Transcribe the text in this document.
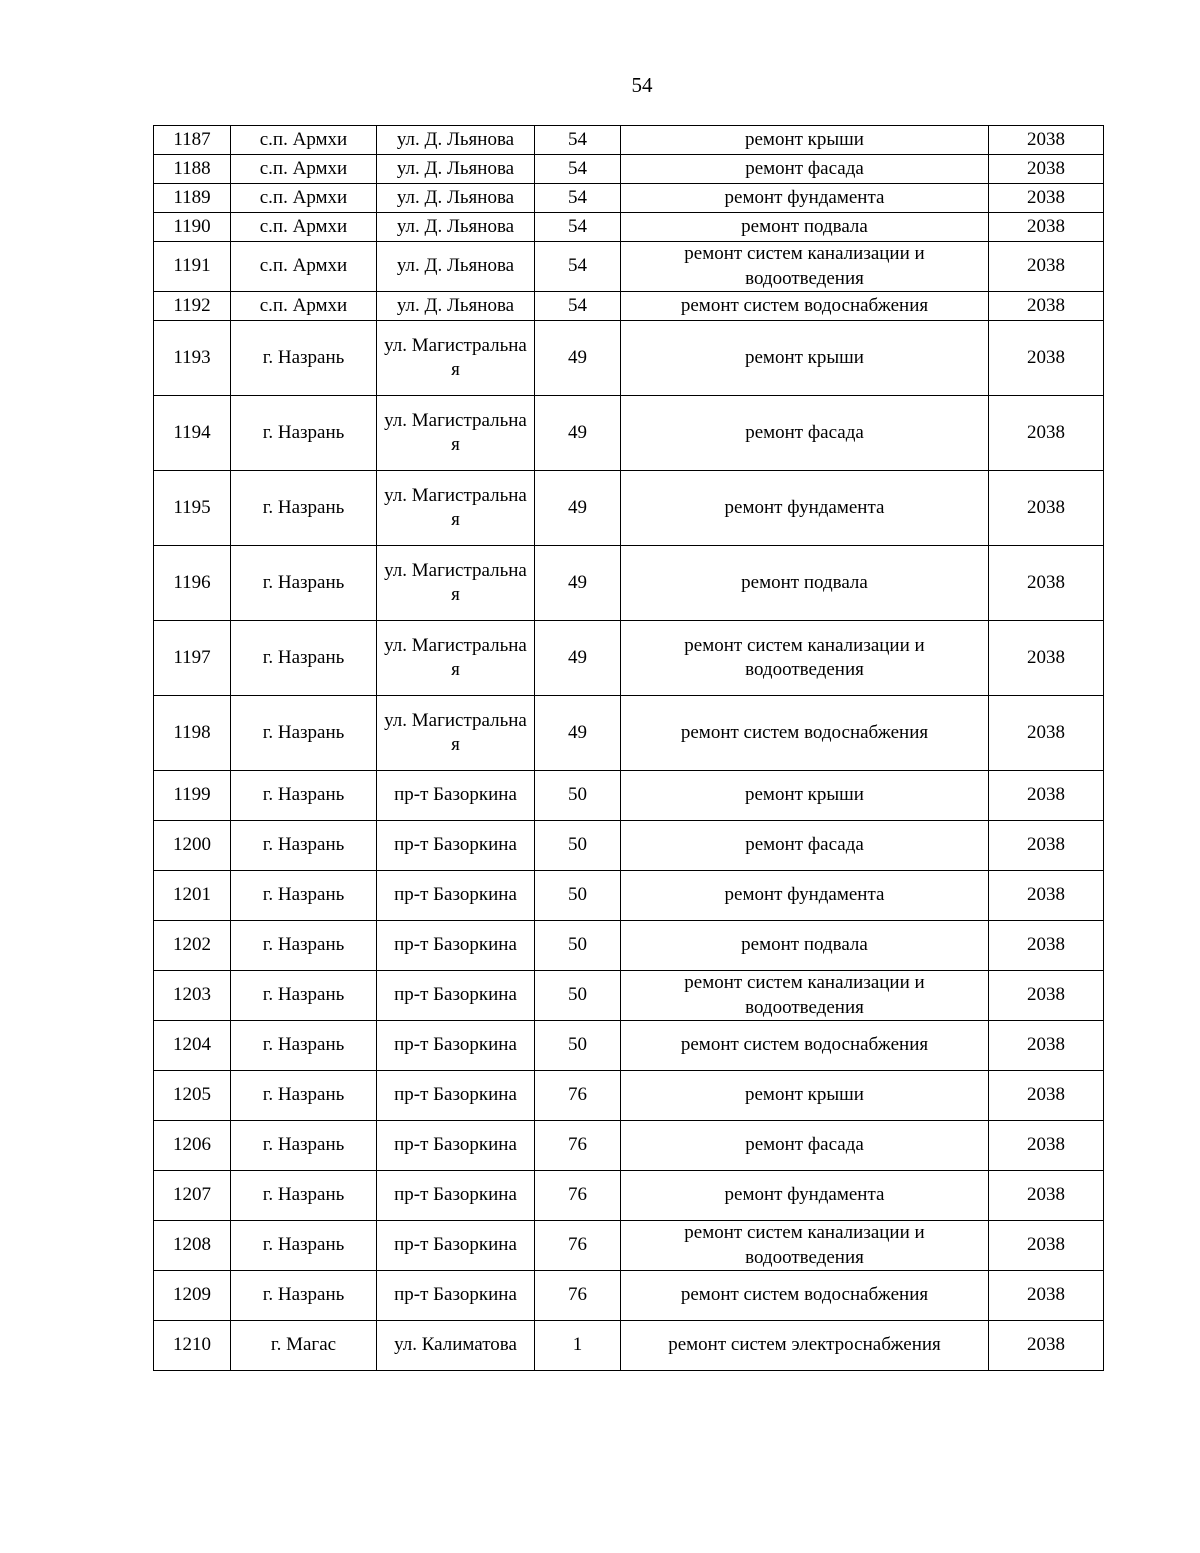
54
1187	с.п. Армхи	ул. Д. Льянова	54	ремонт крыши	2038
1188	с.п. Армхи	ул. Д. Льянова	54	ремонт фасада	2038
1189	с.п. Армхи	ул. Д. Льянова	54	ремонт фундамента	2038
1190	с.п. Армхи	ул. Д. Льянова	54	ремонт подвала	2038
1191	с.п. Армхи	ул. Д. Льянова	54	ремонт систем канализации и водоотведения	2038
1192	с.п. Армхи	ул. Д. Льянова	54	ремонт систем водоснабжения	2038
1193	г. Назрань	ул. Магистральна я	49	ремонт крыши	2038
1194	г. Назрань	ул. Магистральна я	49	ремонт фасада	2038
1195	г. Назрань	ул. Магистральна я	49	ремонт фундамента	2038
1196	г. Назрань	ул. Магистральна я	49	ремонт подвала	2038
1197	г. Назрань	ул. Магистральна я	49	ремонт систем канализации и водоотведения	2038
1198	г. Назрань	ул. Магистральна я	49	ремонт систем водоснабжения	2038
1199	г. Назрань	пр-т Базоркина	50	ремонт крыши	2038
1200	г. Назрань	пр-т Базоркина	50	ремонт фасада	2038
1201	г. Назрань	пр-т Базоркина	50	ремонт фундамента	2038
1202	г. Назрань	пр-т Базоркина	50	ремонт подвала	2038
1203	г. Назрань	пр-т Базоркина	50	ремонт систем канализации и водоотведения	2038
1204	г. Назрань	пр-т Базоркина	50	ремонт систем водоснабжения	2038
1205	г. Назрань	пр-т Базоркина	76	ремонт крыши	2038
1206	г. Назрань	пр-т Базоркина	76	ремонт фасада	2038
1207	г. Назрань	пр-т Базоркина	76	ремонт фундамента	2038
1208	г. Назрань	пр-т Базоркина	76	ремонт систем канализации и водоотведения	2038
1209	г. Назрань	пр-т Базоркина	76	ремонт систем водоснабжения	2038
1210	г. Магас	ул. Калиматова	1	ремонт систем электроснабжения	2038
